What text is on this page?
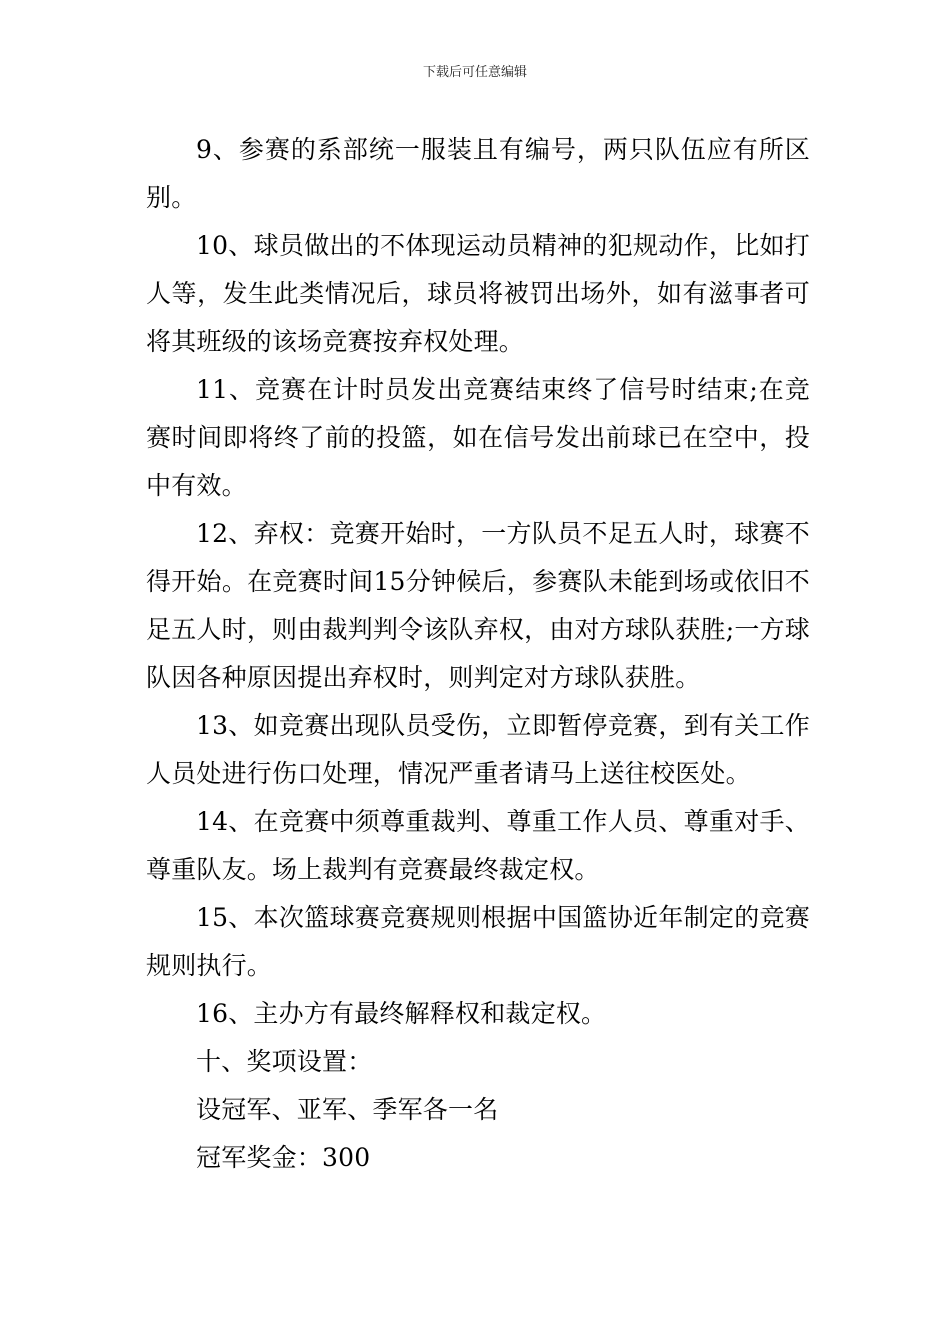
下载后可任意编辑

9、参赛的系部统一服装且有编号，两只队伍应有所区别。

10、球员做出的不体现运动员精神的犯规动作，比如打人等，发生此类情况后，球员将被罚出场外，如有滋事者可将其班级的该场竞赛按弃权处理。

11、竞赛在计时员发出竞赛结束终了信号时结束;在竞赛时间即将终了前的投篮，如在信号发出前球已在空中，投中有效。

12、弃权：竞赛开始时，一方队员不足五人时，球赛不得开始。在竞赛时间15分钟候后，参赛队未能到场或依旧不足五人时，则由裁判判令该队弃权，由对方球队获胜;一方球队因各种原因提出弃权时，则判定对方球队获胜。

13、如竞赛出现队员受伤，立即暂停竞赛，到有关工作人员处进行伤口处理，情况严重者请马上送往校医处。

14、在竞赛中须尊重裁判、尊重工作人员、尊重对手、尊重队友。场上裁判有竞赛最终裁定权。

15、本次篮球赛竞赛规则根据中国篮协近年制定的竞赛规则执行。

16、主办方有最终解释权和裁定权。

十、奖项设置：

设冠军、亚军、季军各一名

冠军奖金：300
